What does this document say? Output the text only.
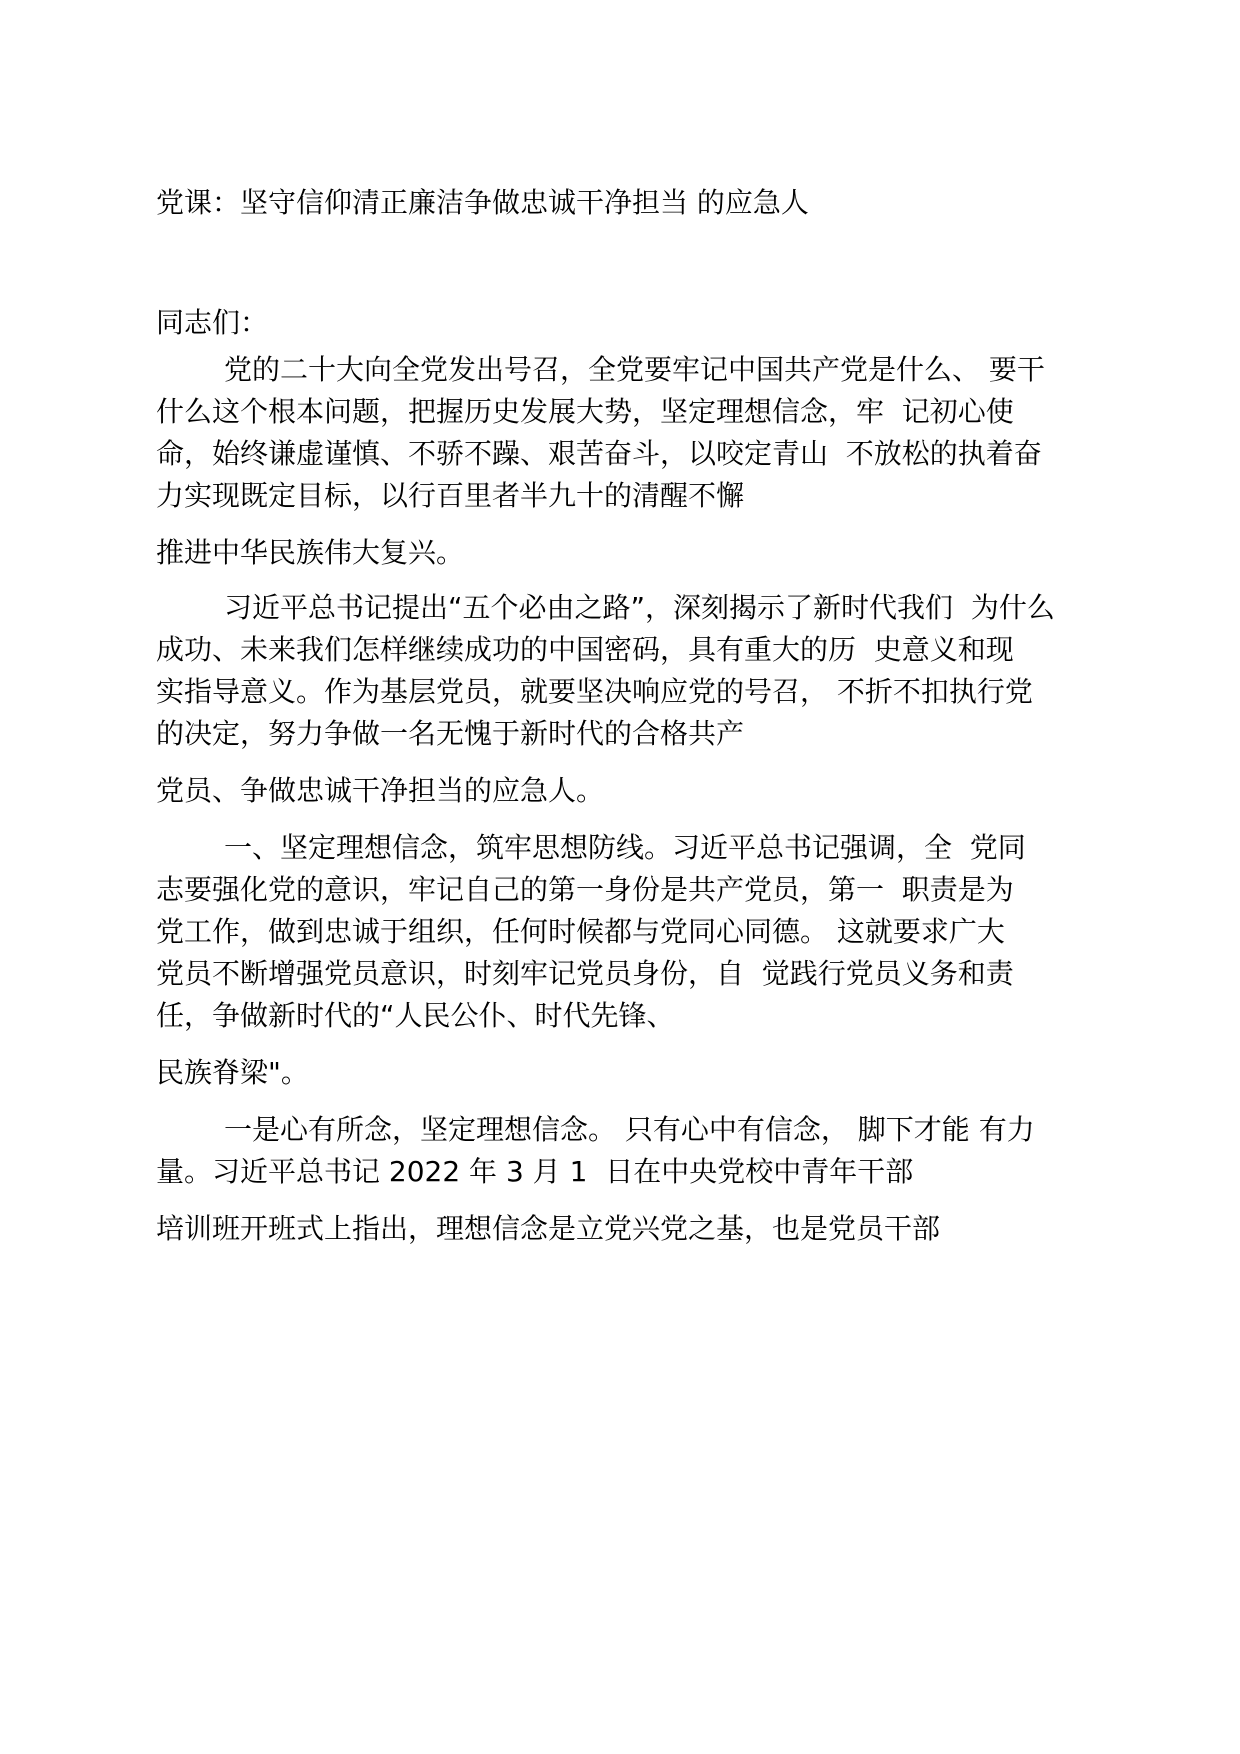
党课：坚守信仰清正廉洁争做忠诚干净担当 的应急人

同志们：

党的二十大向全党发出号召，全党要牢记中国共产党是什么、 要干

什么这个根本问题，把握历史发展大势，坚定理想信念，牢  记初心使

命，始终谦虚谨慎、不骄不躁、艰苦奋斗，以咬定青山  不放松的执着奋

力实现既定目标，以行百里者半九十的清醒不懈

推进中华民族伟大复兴。

习近平总书记提出“五个必由之路”，深刻揭示了新时代我们  为什么

成功、未来我们怎样继续成功的中国密码，具有重大的历  史意义和现

实指导意义。作为基层党员，就要坚决响应党的号召， 不折不扣执行党

的决定，努力争做一名无愧于新时代的合格共产

党员、争做忠诚干净担当的应急人。

一、坚定理想信念，筑牢思想防线。习近平总书记强调，全  党同

志要强化党的意识，牢记自己的第一身份是共产党员，第一  职责是为

党工作，做到忠诚于组织，任何时候都与党同心同德。 这就要求广大

党员不断增强党员意识，时刻牢记党员身份，自  觉践行党员义务和责

任，争做新时代的“人民公仆、时代先锋、

民族脊梁"。

一是心有所念，坚定理想信念。 只有心中有信念， 脚下才能 有力

量。习近平总书记 2022 年 3 月 1  日在中央党校中青年干部

培训班开班式上指出，理想信念是立党兴党之基，也是党员干部
